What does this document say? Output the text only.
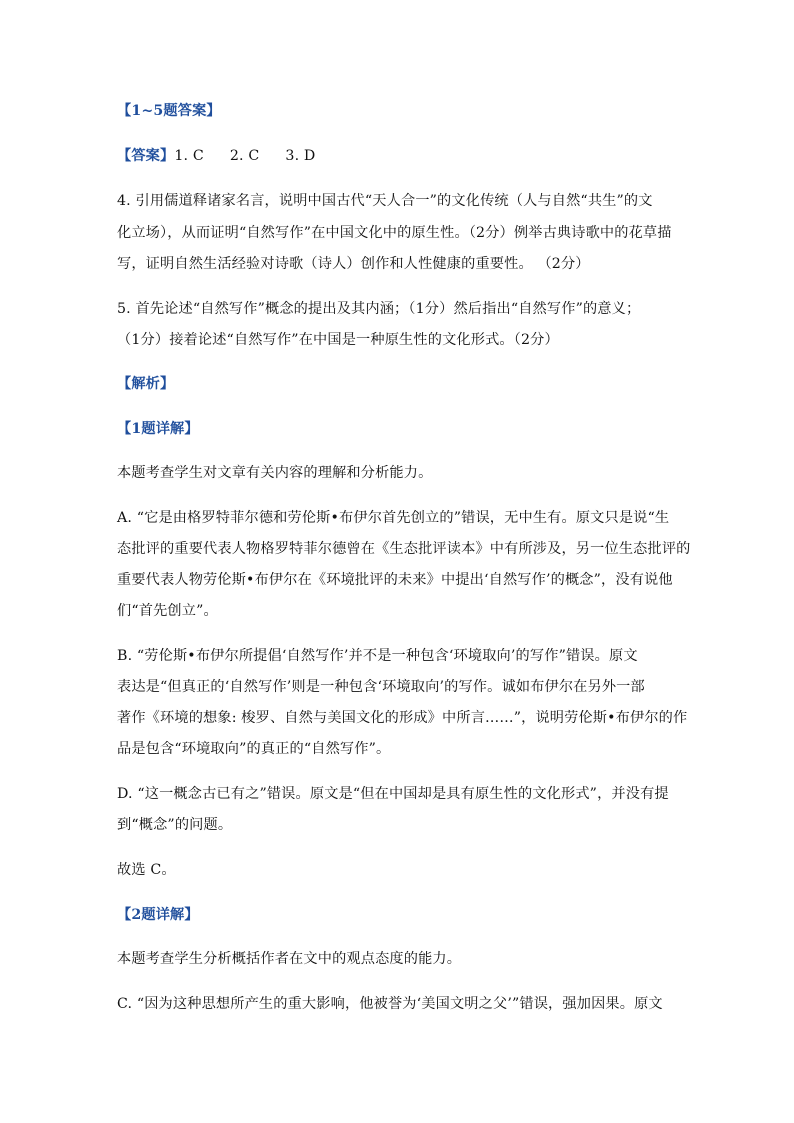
【1~5题答案】
【答案】1. C 2. C 3. D
4. 引用儒道释诸家名言，说明中国古代“天人合一”的文化传统（人与自然“共生”的文
化立场），从而证明“自然写作”在中国文化中的原生性。（2分）例举古典诗歌中的花草描
写，证明自然生活经验对诗歌（诗人）创作和人性健康的重要性。 （2分）
5. 首先论述“自然写作”概念的提出及其内涵；（1分）然后指出“自然写作”的意义；
（1分）接着论述“自然写作”在中国是一种原生性的文化形式。（2分）
【解析】
【1题详解】
本题考查学生对文章有关内容的理解和分析能力。
A. “它是由格罗特菲尔德和劳伦斯•布伊尔首先创立的”错误，无中生有。原文只是说“生
态批评的重要代表人物格罗特菲尔德曾在《生态批评读本》中有所涉及，另一位生态批评的
重要代表人物劳伦斯•布伊尔在《环境批评的未来》中提出‘自然写作’的概念”，没有说他
们“首先创立”。
B. “劳伦斯•布伊尔所提倡‘自然写作’并不是一种包含‘环境取向’的写作”错误。原文
表达是“但真正的‘自然写作’则是一种包含‘环境取向’的写作。诚如布伊尔在另外一部
著作《环境的想象: 梭罗、自然与美国文化的形成》中所言……”，说明劳伦斯•布伊尔的作
品是包含“环境取向”的真正的“自然写作”。
D. “这一概念古已有之”错误。原文是“但在中国却是具有原生性的文化形式”，并没有提
到“概念”的问题。
故选 C。
【2题详解】
本题考查学生分析概括作者在文中的观点态度的能力。
C. “因为这种思想所产生的重大影响，他被誉为‘美国文明之父’”错误，强加因果。原文
